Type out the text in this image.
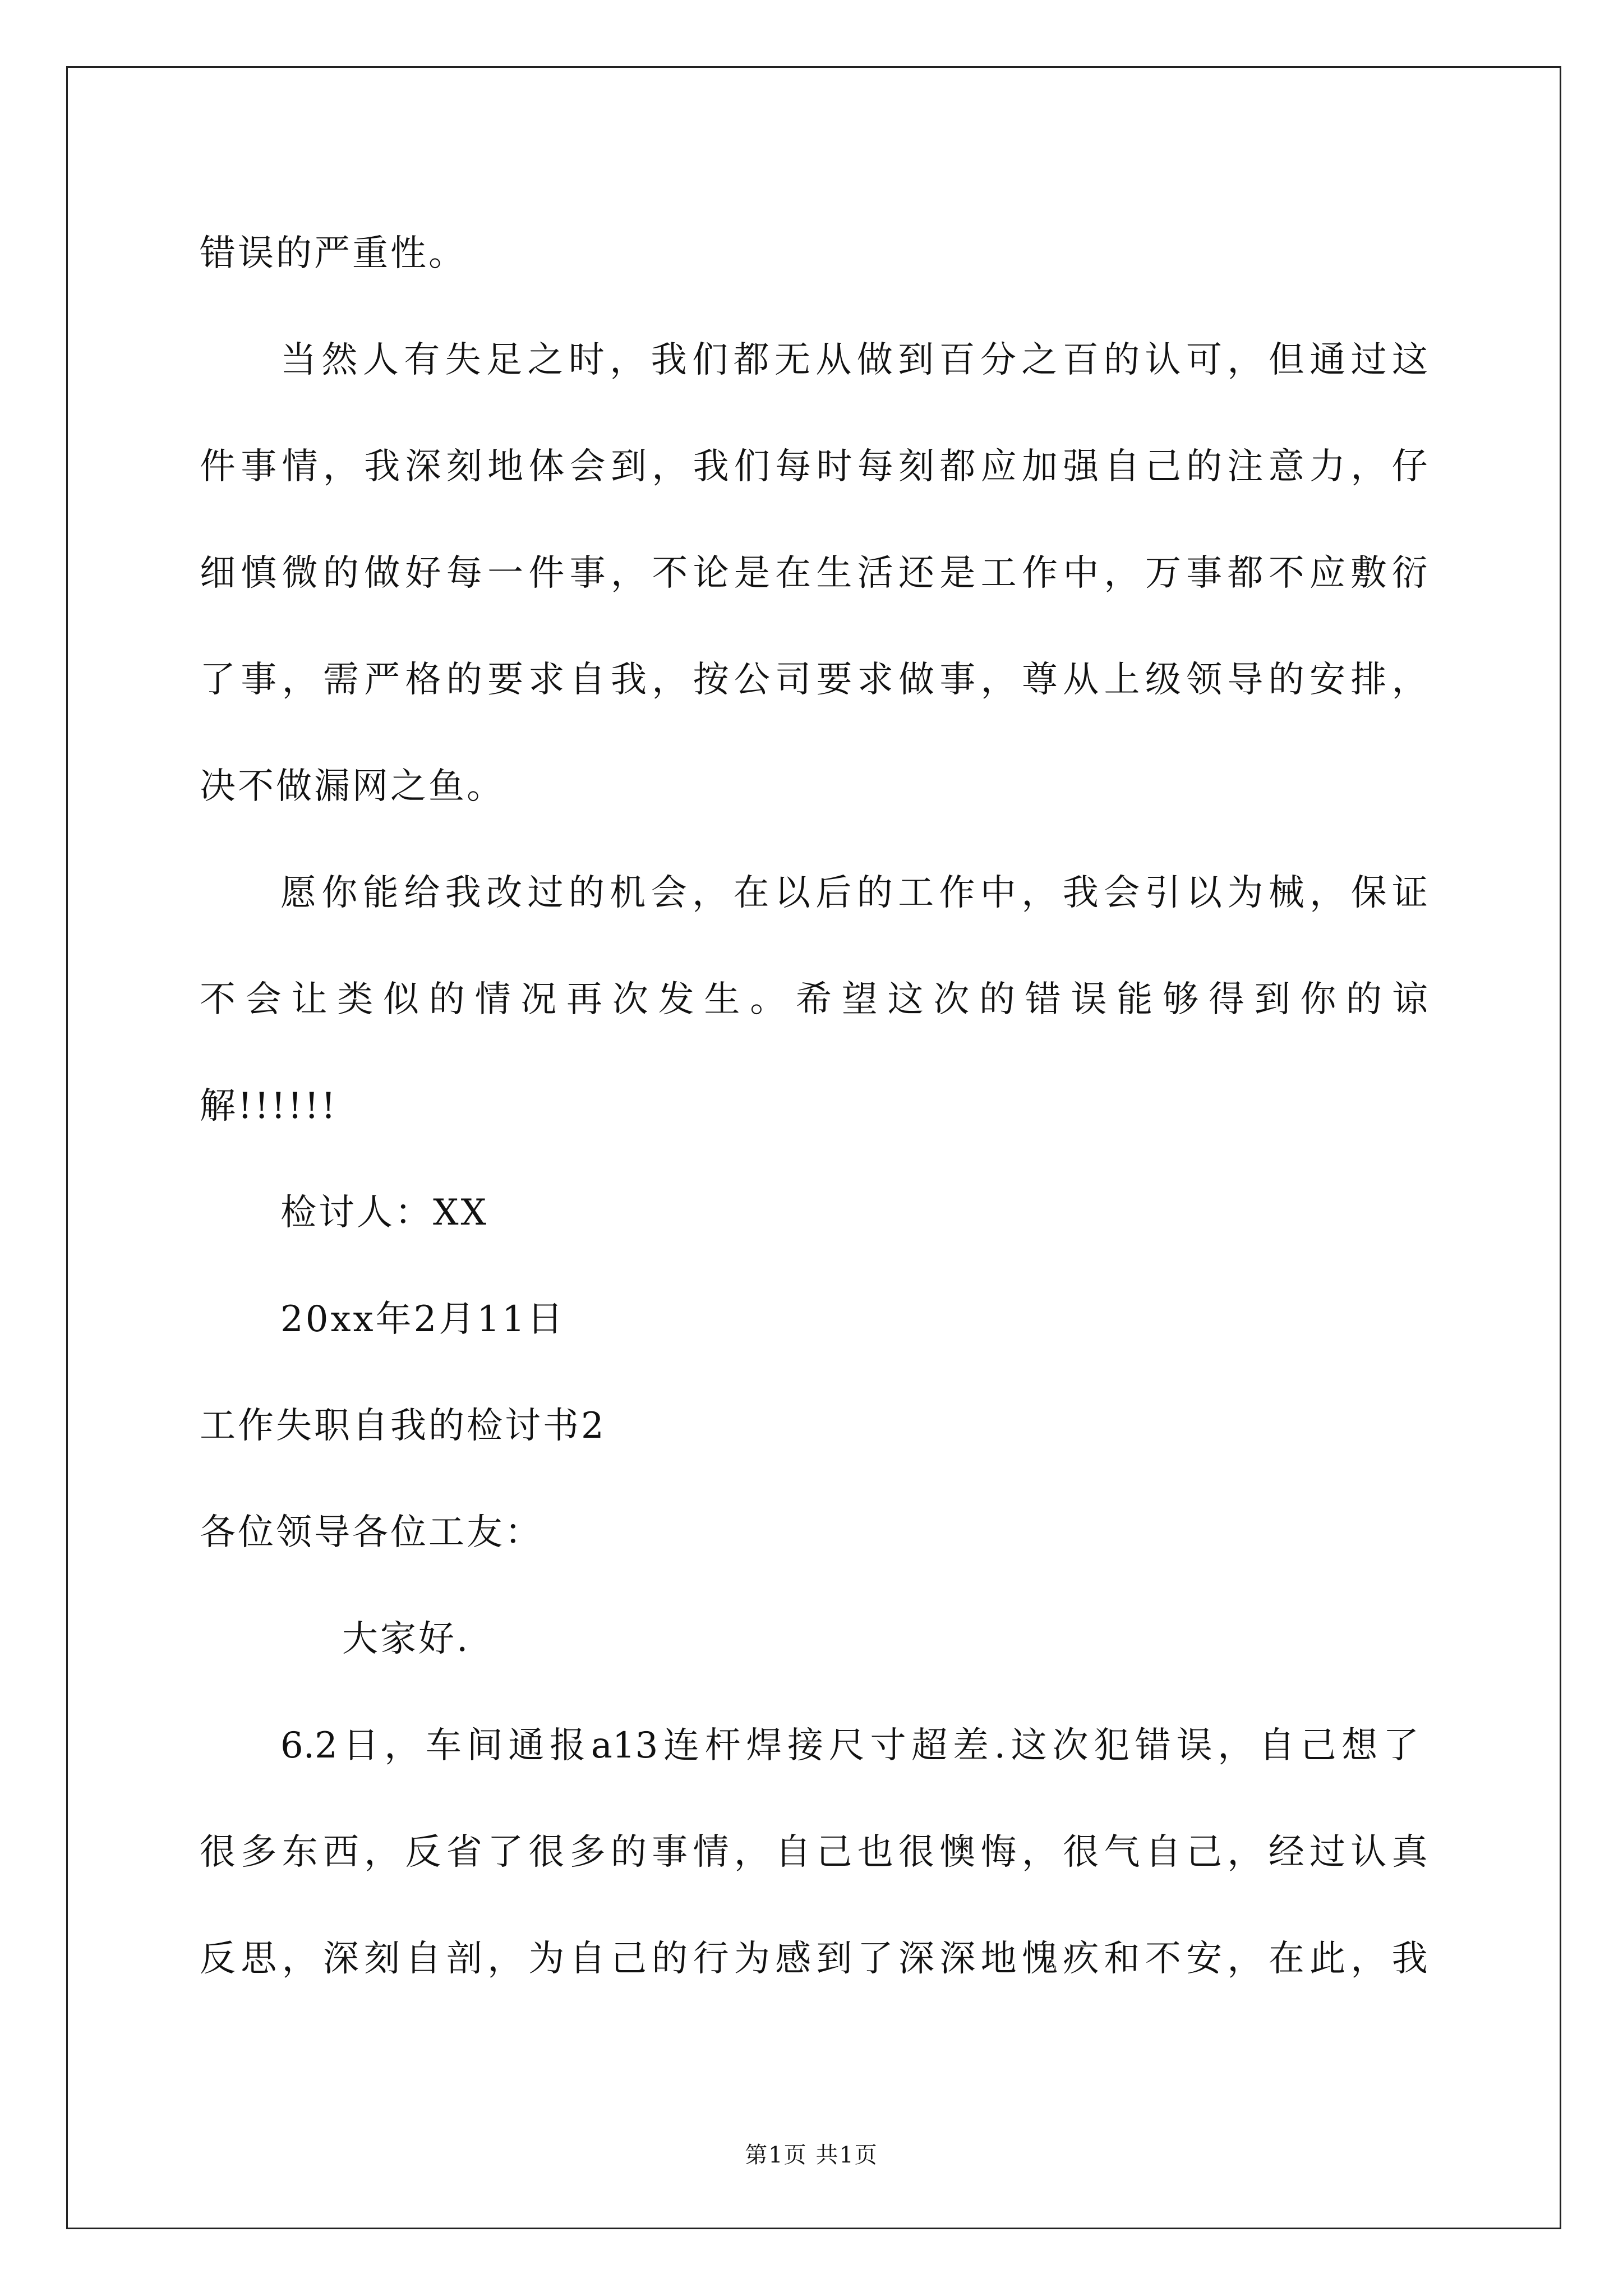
错误的严重性。
当 然 人 有 失 足 之 时 ， 我 们 都 无 从 做 到 百 分 之 百 的 认 可 ， 但 通 过 这
件 事 情 ， 我 深 刻 地 体 会 到 ， 我 们 每 时 每 刻 都 应 加 强 自 己 的 注 意 力 ， 仔
细 慎 微 的 做 好 每 一 件 事 ， 不 论 是 在 生 活 还 是 工 作 中 ， 万 事 都 不 应 敷 衍
了 事 ， 需 严 格 的 要 求 自 我 ， 按 公 司 要 求 做 事 ， 尊 从 上 级 领 导 的 安 排 ，
决不做漏网之鱼。
愿 你 能 给 我 改 过 的 机 会 ， 在 以 后 的 工 作 中 ， 我 会 引 以 为 械 ， 保 证
不 会 让 类 似 的 情 况 再 次 发 生 。 希 望 这 次 的 错 误 能 够 得 到 你 的 谅
解!!!!!!
检讨人：XX
20xx年2月11日
工作失职自我的检讨书2
各位领导各位工友：
大家好.
6.2 日 ， 车 间 通 报 a13 连 杆 焊 接 尺 寸 超 差 . 这 次 犯 错 误 ， 自 己 想 了
很 多 东 西 ， 反 省 了 很 多 的 事 情 ， 自 己 也 很 懊 悔 ， 很 气 自 己 ， 经 过 认 真
反 思 ， 深 刻 自 剖 ， 为 自 己 的 行 为 感 到 了 深 深 地 愧 疚 和 不 安 ， 在 此 ， 我
第1页 共1页
